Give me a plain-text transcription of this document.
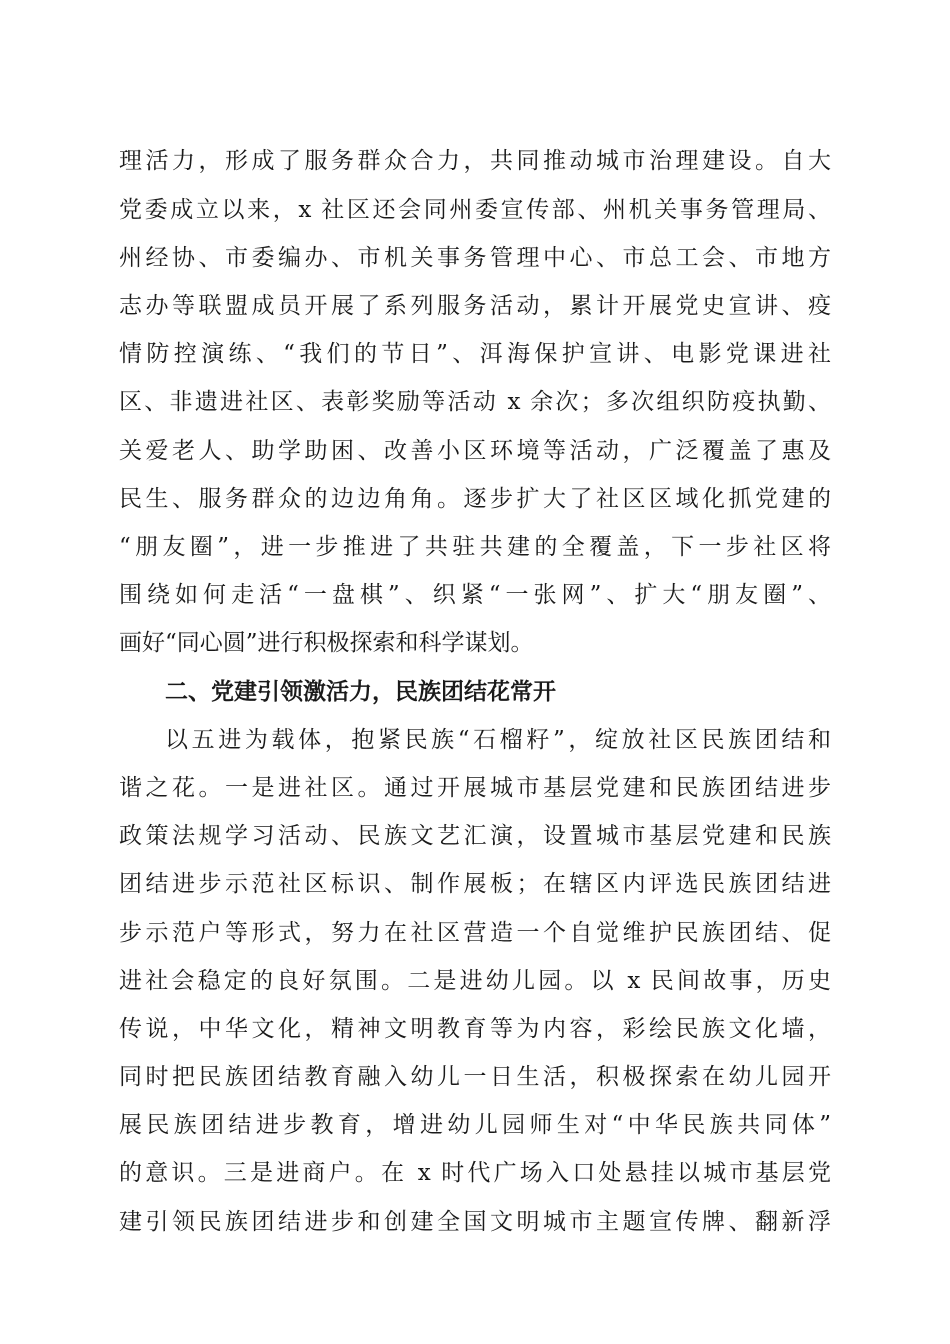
理活力，形成了服务群众合力，共同推动城市治理建设。自大
党委成立以来，x 社区还会同州委宣传部、州机关事务管理局、
州经协、市委编办、市机关事务管理中心、市总工会、市地方
志办等联盟成员开展了系列服务活动，累计开展党史宣讲、疫
情防控演练、“我们的节日”、洱海保护宣讲、电影党课进社
区、非遗进社区、表彰奖励等活动 x 余次；多次组织防疫执勤、
关爱老人、助学助困、改善小区环境等活动，广泛覆盖了惠及
民生、服务群众的边边角角。逐步扩大了社区区域化抓党建的
“朋友圈”，进一步推进了共驻共建的全覆盖，下一步社区将
围绕如何走活“一盘棋”、织紧“一张网”、扩大“朋友圈”、
画好“同心圆”进行积极探索和科学谋划。
二、党建引领激活力，民族团结花常开
以五进为载体，抱紧民族“石榴籽”，绽放社区民族团结和
谐之花。一是进社区。通过开展城市基层党建和民族团结进步
政策法规学习活动、民族文艺汇演，设置城市基层党建和民族
团结进步示范社区标识、制作展板；在辖区内评选民族团结进
步示范户等形式，努力在社区营造一个自觉维护民族团结、促
进社会稳定的良好氛围。二是进幼儿园。以 x 民间故事，历史
传说，中华文化，精神文明教育等为内容，彩绘民族文化墙，
同时把民族团结教育融入幼儿一日生活，积极探索在幼儿园开
展民族团结进步教育，增进幼儿园师生对“中华民族共同体”
的意识。三是进商户。在 x 时代广场入口处悬挂以城市基层党
建引领民族团结进步和创建全国文明城市主题宣传牌、翻新浮
